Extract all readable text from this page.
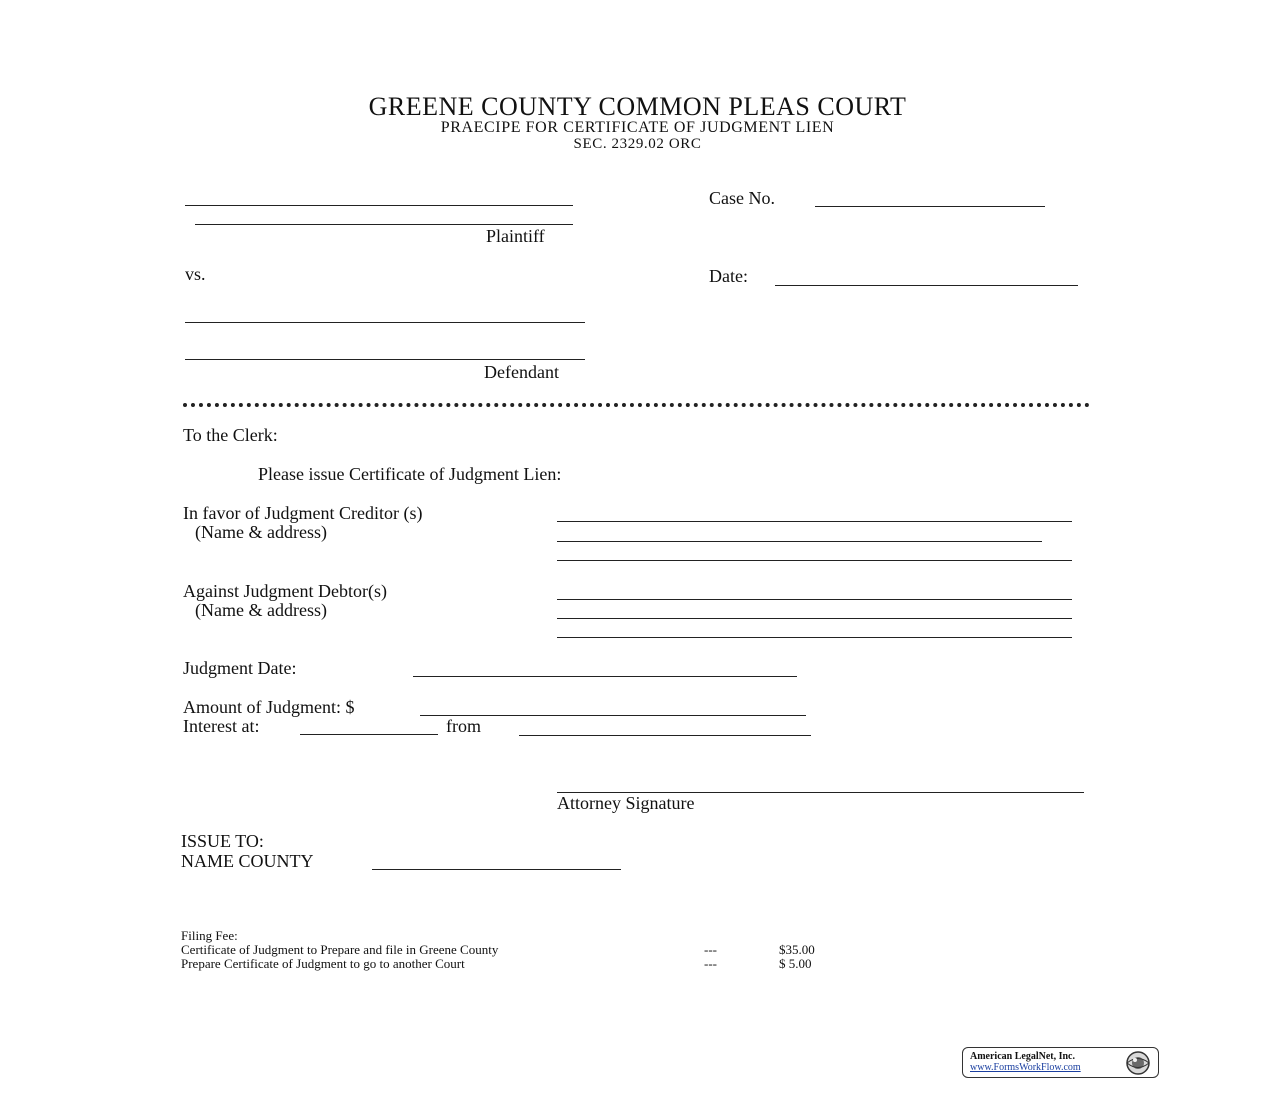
GREENE COUNTY COMMON PLEAS COURT
PRAECIPE FOR CERTIFICATE OF JUDGMENT LIEN
SEC. 2329.02 ORC
Plaintiff
vs.
Defendant
Case No.
Date:
To the Clerk:
Please issue Certificate of Judgment Lien:
In favor of Judgment Creditor (s)
(Name & address)
Against Judgment Debtor(s)
(Name & address)
Judgment Date:
Amount of Judgment: $
Interest at:	from
Attorney Signature
ISSUE TO:
NAME COUNTY
Filing Fee:
Certificate of Judgment to Prepare and file in Greene County	---	$35.00
Prepare Certificate of Judgment to go to another Court	---	$ 5.00
American LegalNet, Inc.
www.FormsWorkFlow.com
